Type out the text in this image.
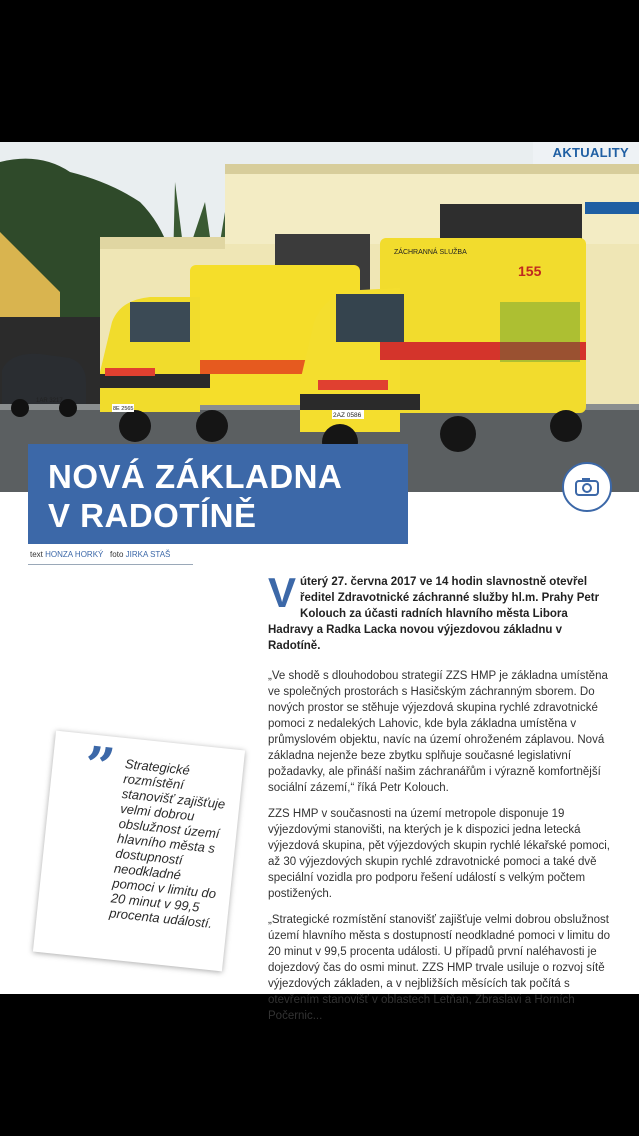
ZÁCHRANNÁ SLUŽBA
155
1AR 3217
8E 2565
2AZ 0586
AKTUALITY
NOVÁ ZÁKLADNA
V RADOTÍNĚ
text HONZA HORKÝ foto JIRKA STAŠ
V úterý 27. června 2017 ve 14 hodin slavnostně otevřel ředitel Zdravotnické záchranné služby hl.m. Prahy Petr Kolouch za účasti radních hlavního města Libora Hadravy a Radka Lacka novou výjezdovou základnu v Radotíně.

„Ve shodě s dlouhodobou strategií ZZS HMP je základna umístěna ve společných prostorách s Hasičským záchranným sborem. Do nových prostor se stěhuje výjezdová skupina rychlé zdravotnické pomoci z nedalekých Lahovic, kde byla základna umístěna v průmyslovém objektu, navíc na území ohroženém záplavou. Nová základna nejenže beze zbytku splňuje současné legislativní požadavky, ale přináší našim záchranářům i výrazně komfortnější sociální zázemí,“ říká Petr Kolouch.

ZZS HMP v současnosti na území metropole disponuje 19 výjezdovými stanovišti, na kterých je k dispozici jedna letecká výjezdová skupina, pět výjezdových skupin rychlé lékařské pomoci, až 30 výjezdových skupin rychlé zdravotnické pomoci a také dvě speciální vozidla pro podporu řešení událostí s velkým počtem postižených.

„Strategické rozmístění stanovišť zajišťuje velmi dobrou obslužnost území hlavního města s dostupností neodkladné pomoci v limitu do 20 minut v 99,5 procenta události. U případů první naléhavosti je dojezdový čas do osmi minut. ZZS HMP trvale usiluje o rozvoj sítě výjezdových základen, a v nejbližších měsících tak počítá s otevřením stanovišť v oblastech Letňan, Zbraslavi a Horních Počernic...

” Strategické rozmístění stanovišť zajišťuje velmi dobrou obslužnost území hlavního města s dostupností neodkladné pomoci v limitu do 20 minut v 99,5 procenta událostí.
